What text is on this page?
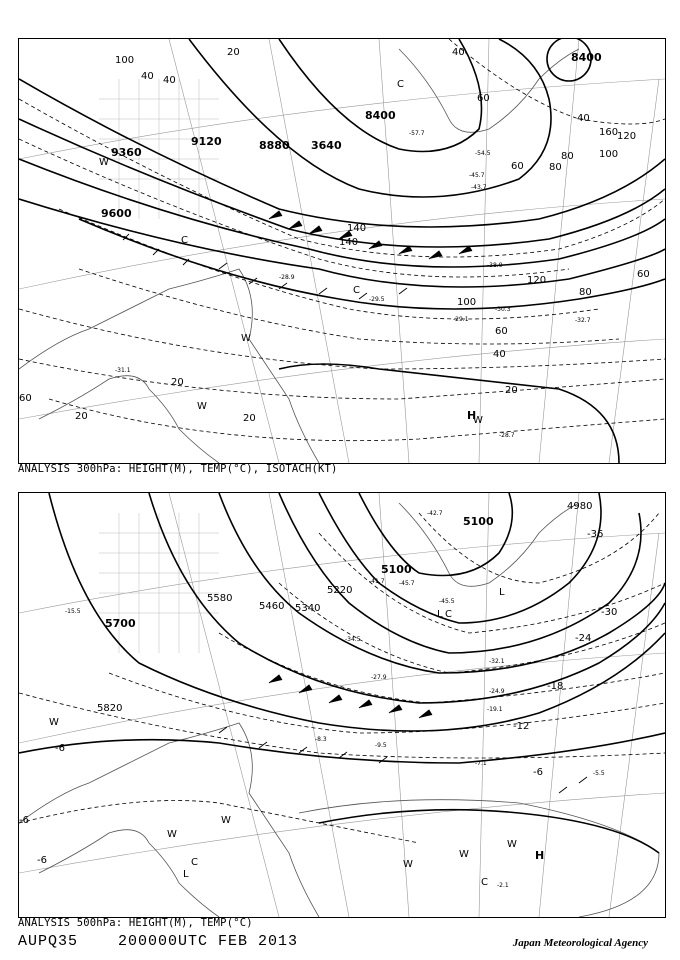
8400
8400
8880
9120
9360
9600
3640
20
40
40
60
80
100
120
140
60
40
20
20
20
40
80
100
120
140
160
60
20
40
60
80
100
60
-28.7
-29.1	-32.7
-31.1
-30.3
-29.5
-28.9
-57.7
-54.5
-45.7
-43.7
-38.9
C
C
C
W
W
W
W
H
ANALYSIS 300hPa: HEIGHT(M), TEMP(°C), ISOTACH(KT)
5100
5100
4980
5220
5340
5460
5580
5700
5820
-6
-6
-6
-30
-24
-18
-12
-6
-36
-42.7
-45.7
-45.5
-41.7
-34.5
-32.1
-27.9
-24.9
-19.1
-15.5
-9.5
-8.3
-7.1
-5.5
-2.1
L
C
L
L
C
W
W
W
W
W
W
H
C
ANALYSIS 500hPa: HEIGHT(M), TEMP(°C)
AUPQ35	200000UTC FEB 2013	Japan Meteorological Agency
